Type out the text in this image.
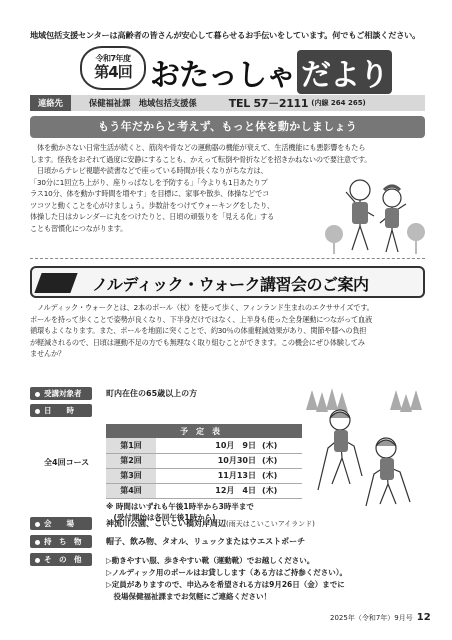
地域包括支援センターは高齢者の皆さんが安心して暮らせるお手伝いをしています。何でもご相談ください。
令和7年度
第4回 おたっしゃ だより
連絡先	保健福祉課　地域包括支援係	TEL 57－2111 (内線 264 265)
もう年だからと考えず、もっと体を動かしましょう

　体を動かさない日常生活が続くと、筋肉や骨などの運動器の機能が衰えて、生活機能にも悪影響をもたら

します。怪我をおそれて過度に安静にすることも、かえって転倒や骨折などを招きかねないので要注意です。

　日頃からテレビ視聴や読書などで座っている時間が長くなりがちな方は、

「30分に1回立ち上がり、座りっぱなしを予防する」「今よりも1日あたりプ

ラス10分、体を動かす時間を増やす」を目標に、家事や散歩、体操などでコ

ツコツと動くことを心がけましょう。歩数計をつけてウォーキングをしたり、

体操した日はカレンダーに丸をつけたりと、日頃の頑張りを「見える化」する

ことも習慣化につながります。

ノルディック・ウォーク講習会のご案内

　ノルディック・ウォークとは、2本のポール（杖）を使って歩く、フィンランド生まれのエクササイズです。

ポールを持って歩くことで姿勢が良くなり、下半身だけではなく、上半身も使った全身運動につながって血液

循環もよくなります。また、ポールを地面に突くことで、約30％の体重軽減効果があり、関節や膝への負担

が軽減されるので、日頃は運動不足の方でも無理なく取り組むことができます。この機会にぜひ体験してみ

ませんか？

受講対象者	町内在住の65歳以上の方
日　　時
全4回コース
予定表		
第1回	10月　9日	(木)
第2回	10月30日	(木)
第3回	11月13日	(木)
第4回	12月　4日	(木)
※ 時間はいずれも午後1時半から3時半まで
　(受付開始は各回午後1時から)
会　　場	神流川公園、こいこい橋対岸周辺(雨天はこいこいアイランド)
持　ち　物	帽子、飲み物、タオル、リュックまたはウエストポーチ
そ　の　他	▷動きやすい服、歩きやすい靴（運動靴）でお越しください。
▷ノルディック用のポールはお貸しします（ある方はご持参ください）。
▷定員がありますので、申込みを希望される方は9月26日（金）までに
　役場保健福祉課までお気軽にご連絡ください！
2025年（令和7年）9月号 12
